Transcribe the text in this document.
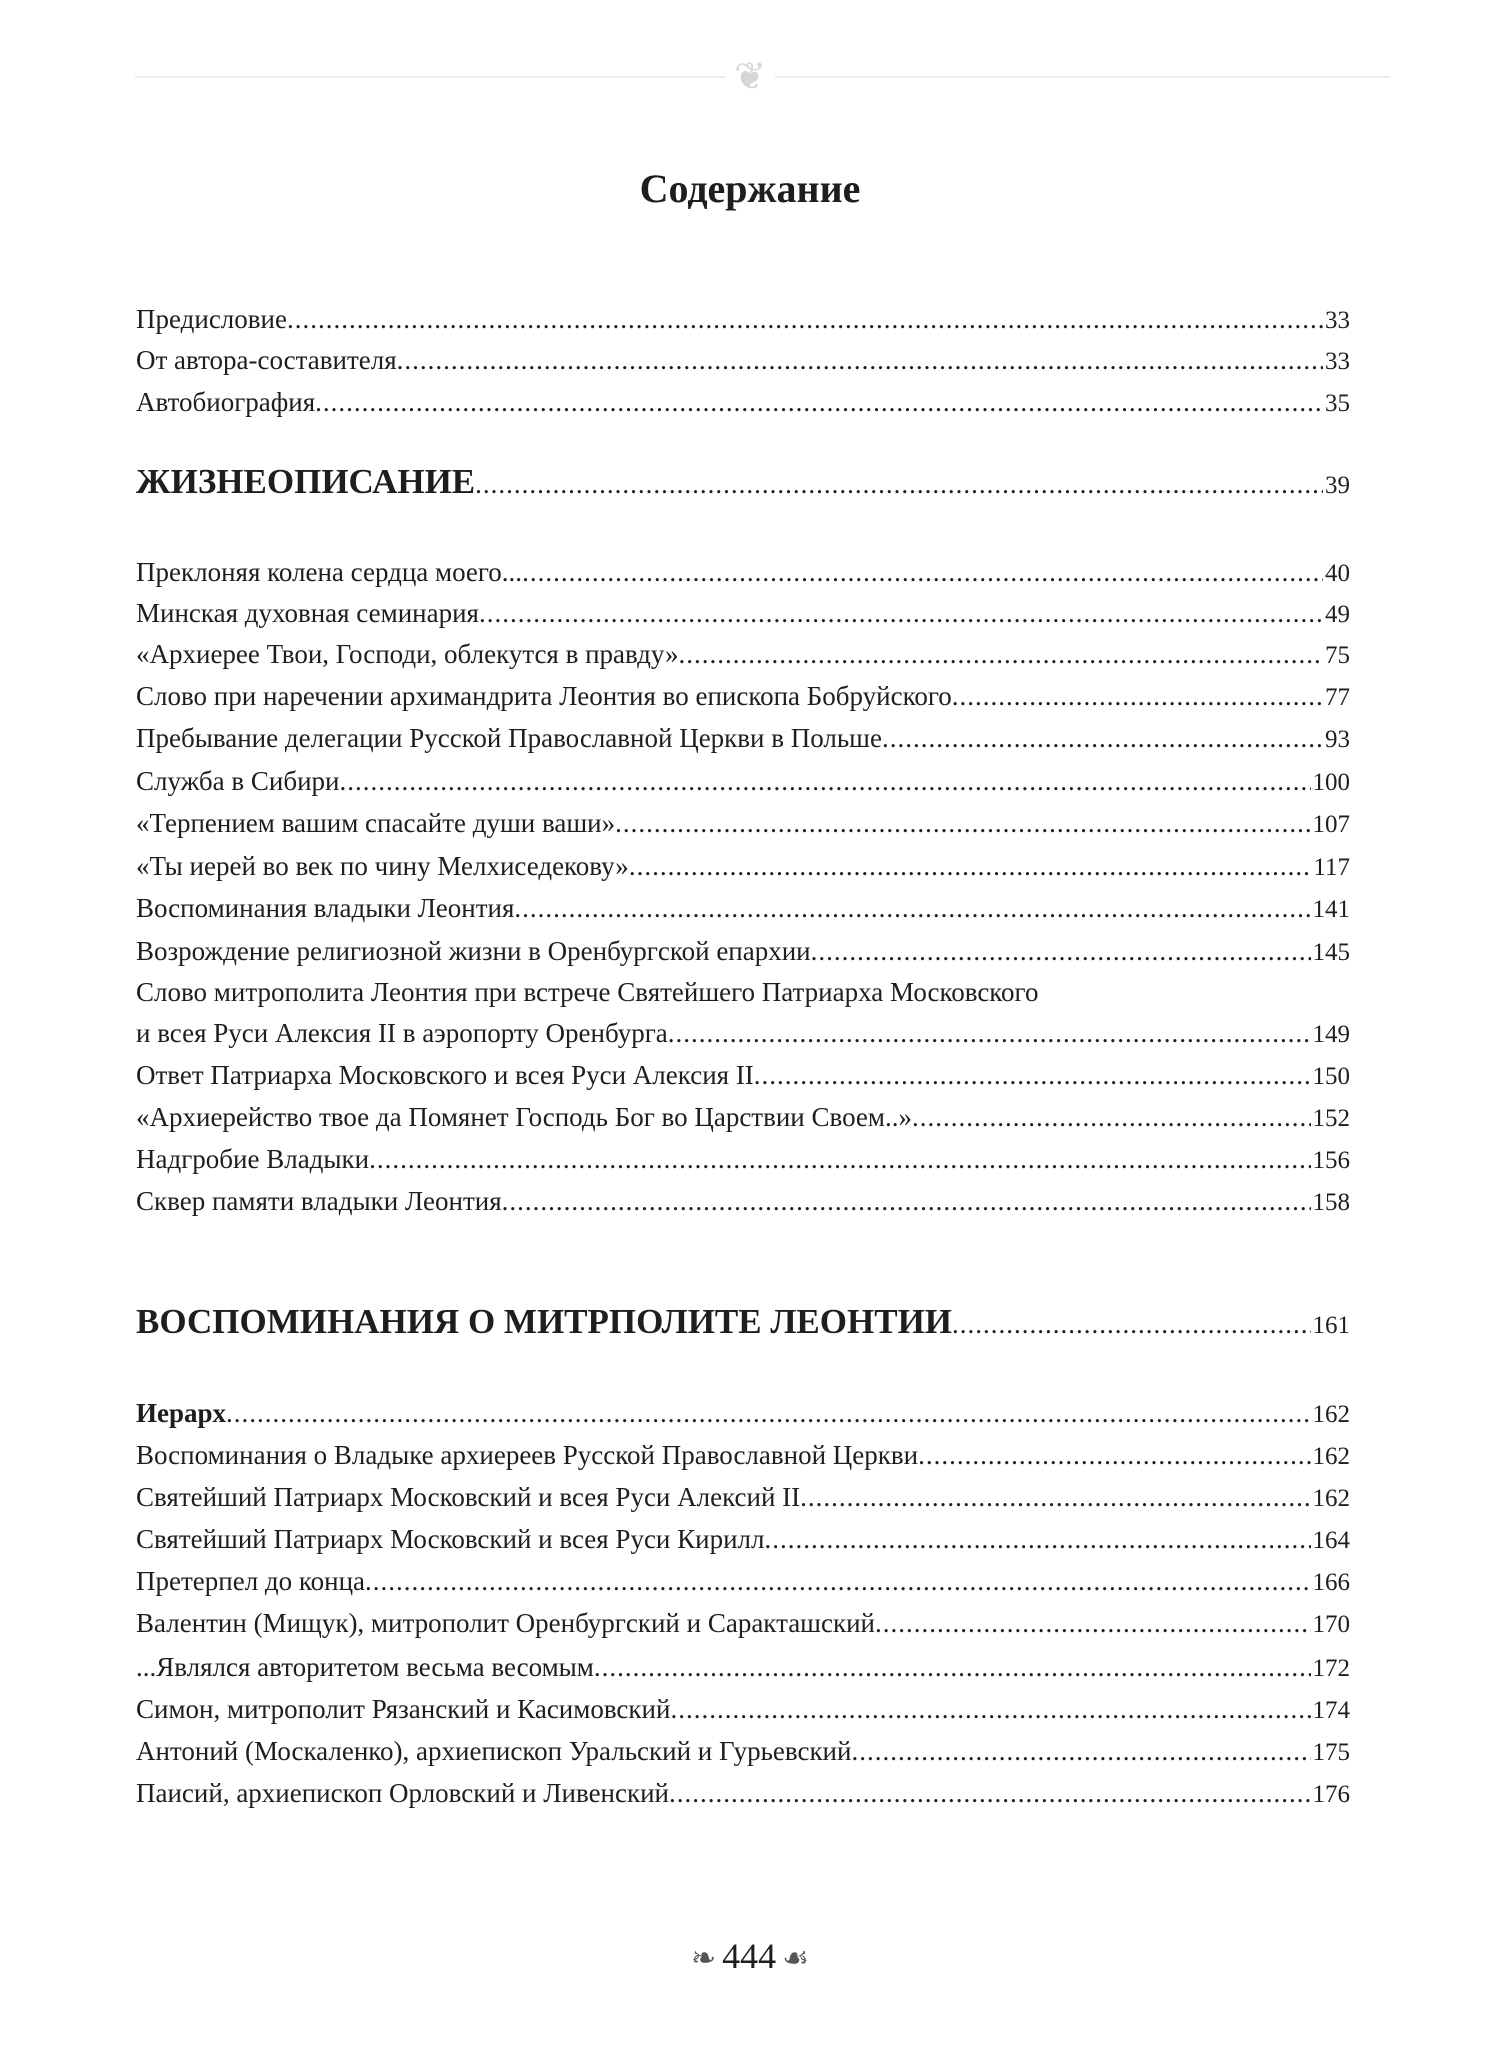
❦
Содержание
Предисловие .....	33
От автора-составителя .....	33
Автобиография .....	35
ЖИЗНЕОПИСАНИЕ .....	39
Преклоняя колена сердца моего... .....	40
Минская духовная семинария .....	49
«Архиерее Твои, Господи, облекутся в правду» .....	75
Слово при наречении архимандрита Леонтия во епископа Бобруйского .....	77
Пребывание делегации Русской Православной Церкви в Польше .....	93
Служба в Сибири .....	100
«Терпением вашим спасайте души ваши» .....	107
«Ты иерей во век по чину Мелхиседекову» .....	117
Воспоминания владыки Леонтия .....	141
Возрождение религиозной жизни в Оренбургской епархии .....	145
Слово митрополита Леонтия при встрече Святейшего Патриарха Московского
и всея Руси Алексия II в аэропорту Оренбурга .....	149
Ответ Патриарха Московского и всея Руси Алексия II .....	150
«Архиерейство твое да Помянет Господь Бог во Царствии Своем..» .....	152
Надгробие Владыки .....	156
Сквер памяти владыки Леонтия .....	158
ВОСПОМИНАНИЯ О МИТРПОЛИТЕ ЛЕОНТИИ .....	161
Иерарх .....	162
Воспоминания о Владыке архиереев Русской Православной Церкви .....	162
Святейший Патриарх Московский и всея Руси Алексий II .....	162
Святейший Патриарх Московский и всея Руси Кирилл .....	164
Претерпел до конца .....	166
Валентин (Мищук), митрополит Оренбургский и Саракташский .....	170
...Являлся авторитетом весьма весомым .....	172
Симон, митрополит Рязанский и Касимовский .....	174
Антоний (Москаленко), архиепископ Уральский и Гурьевский .....	175
Паисий, архиепископ Орловский и Ливенский .....	176
❧ 444 ☙
